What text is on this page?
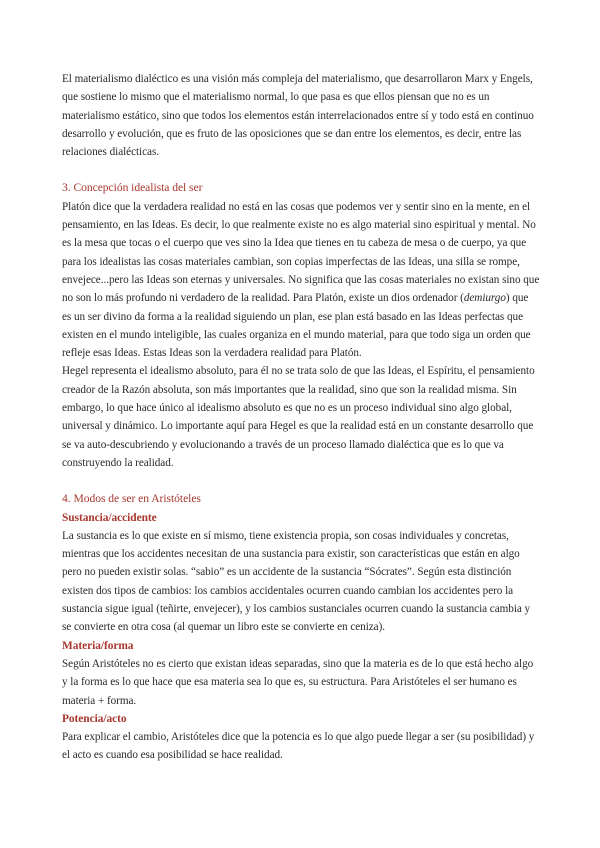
El materialismo dialéctico es una visión más compleja del materialismo, que desarrollaron Marx y Engels, que sostiene lo mismo que el materialismo normal, lo que pasa es que ellos piensan que no es un materialismo estático, sino que todos los elementos están interrelacionados entre sí y todo está en continuo desarrollo y evolución, que es fruto de las oposiciones que se dan entre los elementos, es decir, entre las relaciones dialécticas.

3. Concepción idealista del ser

Platón dice que la verdadera realidad no está en las cosas que podemos ver y sentir sino en la mente, en el pensamiento, en las Ideas. Es decir, lo que realmente existe no es algo material sino espiritual y mental. No es la mesa que tocas o el cuerpo que ves sino la Idea que tienes en tu cabeza de mesa o de cuerpo, ya que para los idealistas las cosas materiales cambian, son copias imperfectas de las Ideas, una silla se rompe, envejece...pero las Ideas son eternas y universales. No significa que las cosas materiales no existan sino que no son lo más profundo ni verdadero de la realidad. Para Platón, existe un dios ordenador (demiurgo) que es un ser divino da forma a la realidad siguiendo un plan, ese plan está basado en las Ideas perfectas que existen en el mundo inteligible, las cuales organiza en el mundo material, para que todo siga un orden que refleje esas Ideas. Estas Ideas son la verdadera realidad para Platón.

Hegel representa el idealismo absoluto, para él no se trata solo de que las Ideas, el Espíritu, el pensamiento creador de la Razón absoluta, son más importantes que la realidad, sino que son la realidad misma. Sin embargo, lo que hace único al idealismo absoluto es que no es un proceso individual sino algo global, universal y dinámico. Lo importante aquí para Hegel es que la realidad está en un constante desarrollo que se va auto-descubriendo y evolucionando a través de un proceso llamado dialéctica que es lo que va construyendo la realidad.

4. Modos de ser en Aristóteles

Sustancia/accidente

La sustancia es lo que existe en sí mismo, tiene existencia propia, son cosas individuales y concretas, mientras que los accidentes necesitan de una sustancia para existir, son características que están en algo pero no pueden existir solas. “sabio” es un accidente de la sustancia “Sócrates”. Según esta distinción existen dos tipos de cambios: los cambios accidentales ocurren cuando cambian los accidentes pero la sustancia sigue igual (teñirte, envejecer), y los cambios sustanciales ocurren cuando la sustancia cambia y se convierte en otra cosa (al quemar un libro este se convierte en ceniza).

Materia/forma

Según Aristóteles no es cierto que existan ideas separadas, sino que la materia es de lo que está hecho algo y la forma es lo que hace que esa materia sea lo que es, su estructura. Para Aristóteles el ser humano es materia + forma.

Potencia/acto

Para explicar el cambio, Aristóteles dice que la potencia es lo que algo puede llegar a ser (su posibilidad) y el acto es cuando esa posibilidad se hace realidad.
